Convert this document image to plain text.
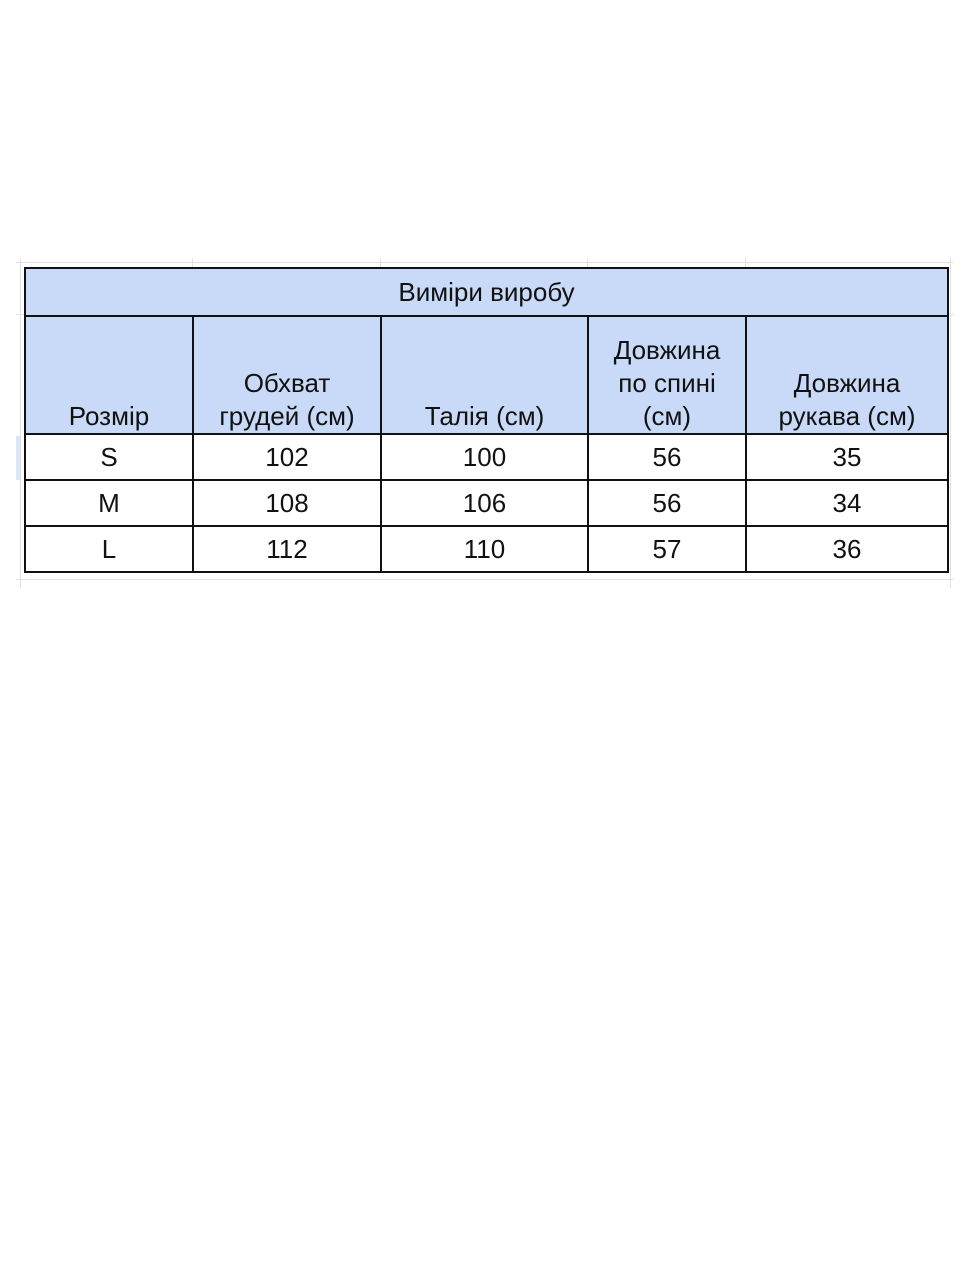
Виміри виробу				

Розмір	Обхват грудей (см)	Талія (см)	Довжина по спині (см)	Довжина рукава (см)

S	102	100	56	35
M	108	106	56	34
L	112	110	57	36
